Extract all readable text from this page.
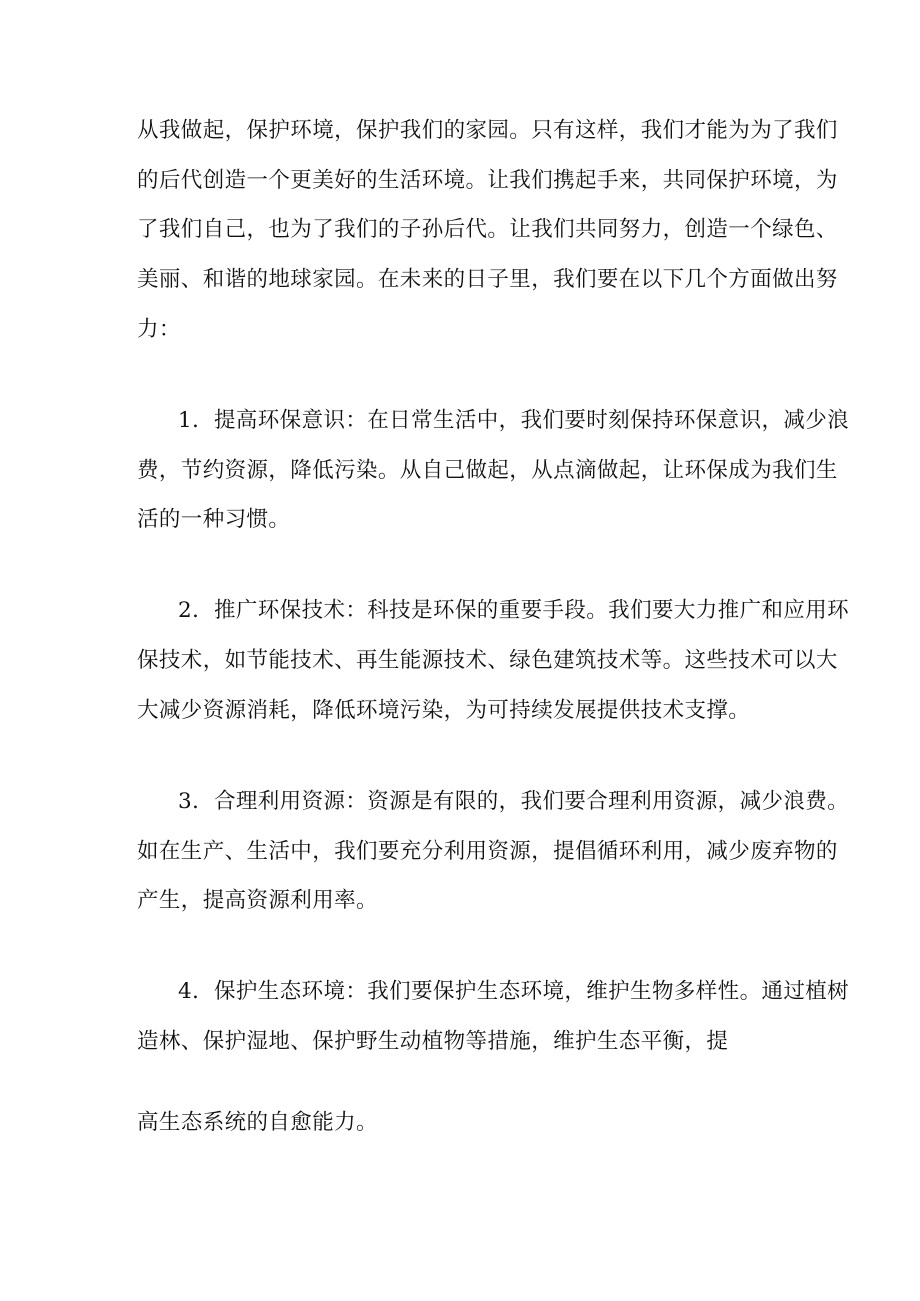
从我做起，保护环境，保护我们的家园。只有这样，我们才能为为了我们
的后代创造一个更美好的生活环境。让我们携起手来，共同保护环境，为
了我们自己，也为了我们的子孙后代。让我们共同努力，创造一个绿色、
美丽、和谐的地球家园。在未来的日子里，我们要在以下几个方面做出努
力：
1．提高环保意识：在日常生活中，我们要时刻保持环保意识，减少浪
费，节约资源，降低污染。从自己做起，从点滴做起，让环保成为我们生
活的一种习惯。
2．推广环保技术：科技是环保的重要手段。我们要大力推广和应用环
保技术，如节能技术、再生能源技术、绿色建筑技术等。这些技术可以大
大减少资源消耗，降低环境污染，为可持续发展提供技术支撑。
3．合理利用资源：资源是有限的，我们要合理利用资源，减少浪费。
如在生产、生活中，我们要充分利用资源，提倡循环利用，减少废弃物的
产生，提高资源利用率。
4．保护生态环境：我们要保护生态环境，维护生物多样性。通过植树
造林、保护湿地、保护野生动植物等措施，维护生态平衡，提
高生态系统的自愈能力。
